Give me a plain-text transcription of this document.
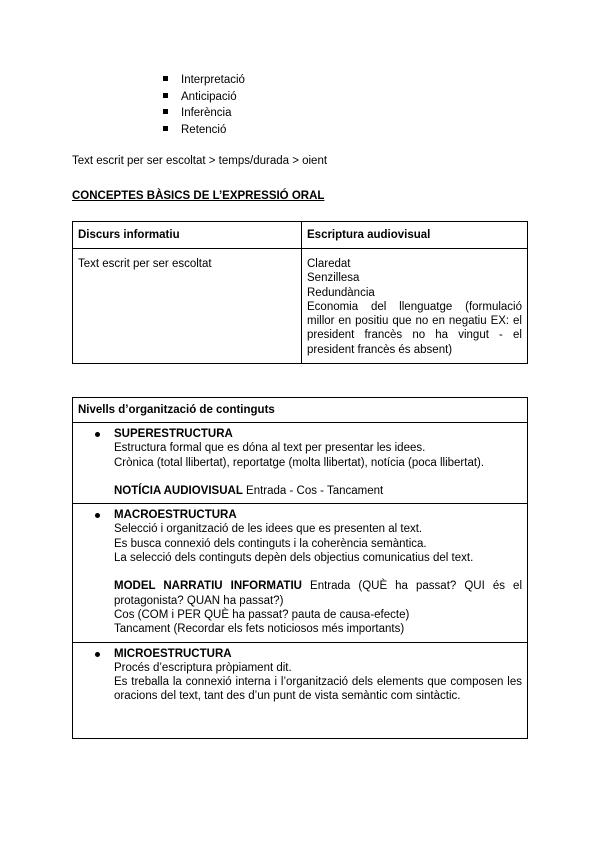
Interpretació
Anticipació
Inferència
Retenció
Text escrit per ser escoltat > temps/durada > oient
CONCEPTES BÀSICS DE L’EXPRESSIÓ ORAL
Discurs informatiu	Escriptura audiovisual
Text escrit per ser escoltat	Claredat
Senzillesa
Redundància
Economia del llenguatge (formulació millor en positiu que no en negatiu EX: el president francès no ha vingut - el president francès és absent)
Nivells d’organització de continguts

SUPERESTRUCTURA
Estructura formal que es dóna al text per presentar les idees.
Crònica (total llibertat), reportatge (molta llibertat), notícia (poca llibertat).
NOTÍCIA AUDIOVISUAL Entrada - Cos - Tancament

MACROESTRUCTURA
Selecció i organització de les idees que es presenten al text.
Es busca connexió dels continguts i la coherència semàntica.
La selecció dels continguts depèn dels objectius comunicatius del text.
MODEL NARRATIU INFORMATIU Entrada (QUÈ ha passat? QUI és el protagonista? QUAN ha passat?)
Cos (COM i PER QUÈ ha passat? pauta de causa-efecte)
Tancament (Recordar els fets noticiosos més importants)

MICROESTRUCTURA
Procés d’escriptura pròpiament dit.
Es treballa la connexió interna i l’organització dels elements que composen les oracions del text, tant des d’un punt de vista semàntic com sintàctic.
